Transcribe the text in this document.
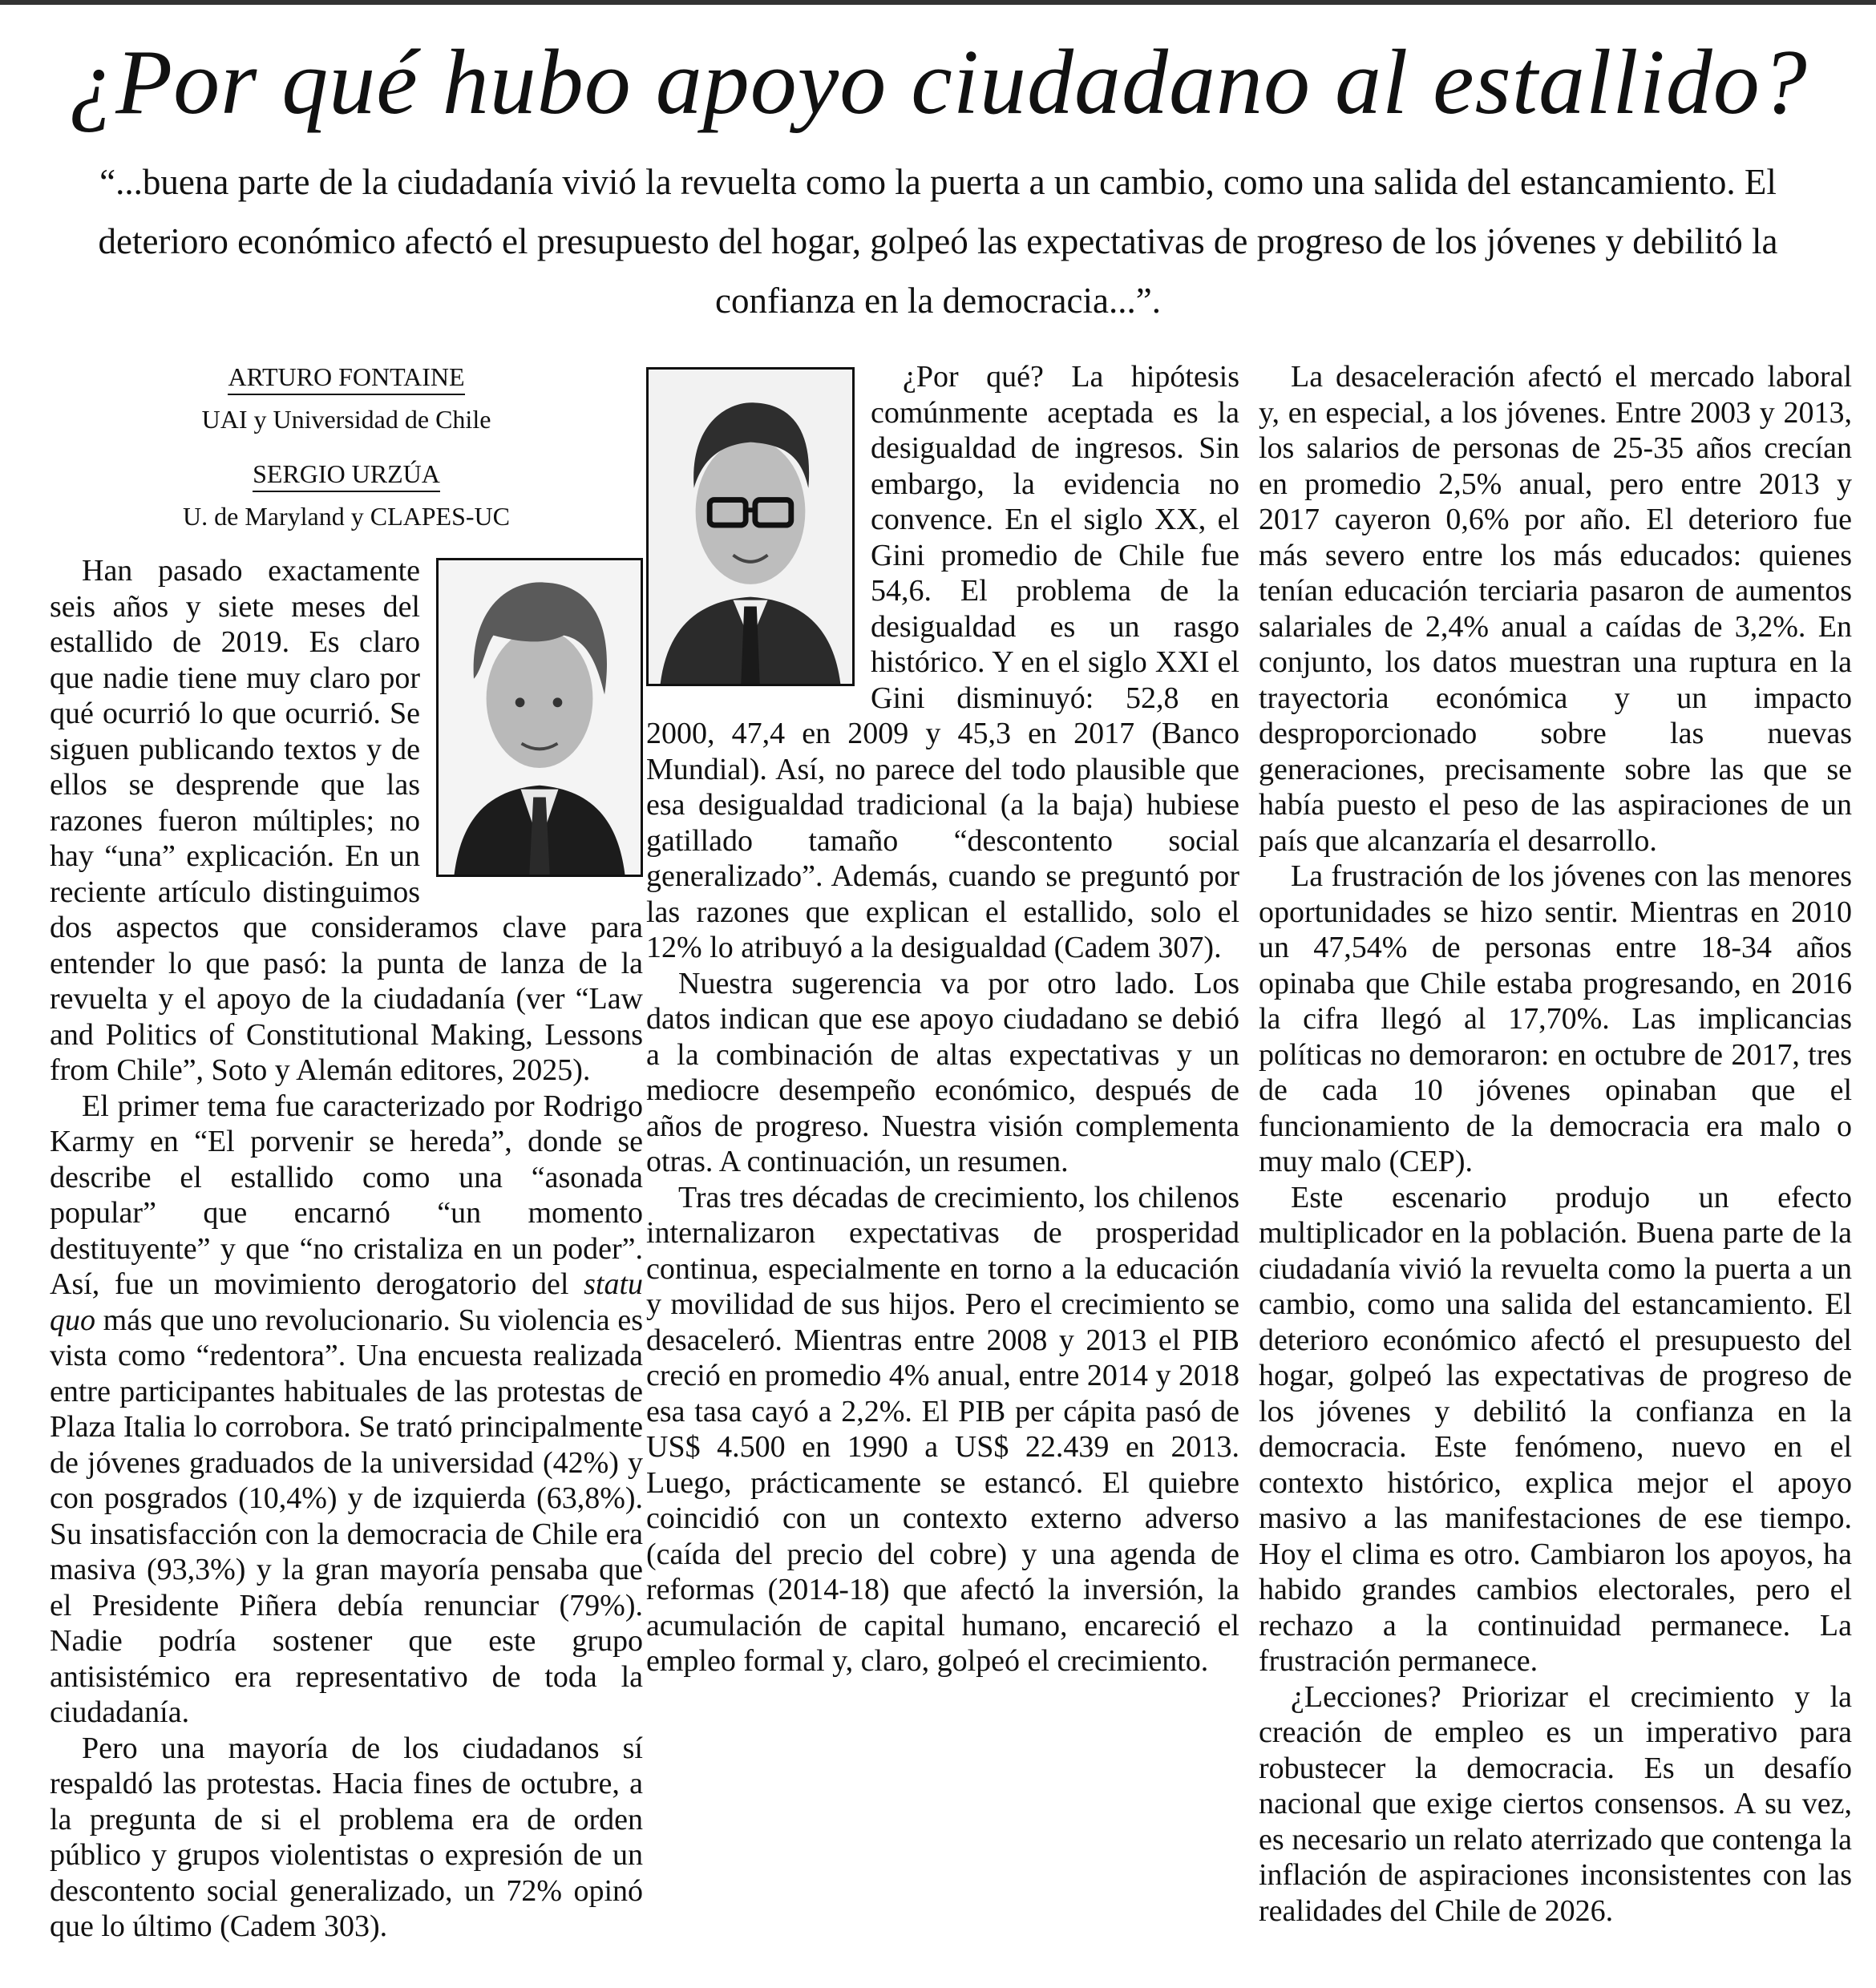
¿Por qué hubo apoyo ciudadano al estallido?

“...buena parte de la ciudadanía vivió la revuelta como la puerta a un cambio, como una salida del estancamiento. El deterioro económico afectó el presupuesto del hogar, golpeó las expectativas de progreso de los jóvenes y debilitó la confianza en la democracia...”.

ARTURO FONTAINE
UAI y Universidad de Chile
SERGIO URZÚA
U. de Maryland y CLAPES-UC

Han pasado exactamente seis años y siete meses del estallido de 2019. Es claro que nadie tiene muy claro por qué ocurrió lo que ocurrió. Se siguen publicando textos y de ellos se desprende que las razones fueron múltiples; no hay “una” explicación. En un reciente artículo distinguimos dos aspectos que consideramos clave para entender lo que pasó: la punta de lanza de la revuelta y el apoyo de la ciudadanía (ver “Law and Politics of Constitutional Making, Lessons from Chile”, Soto y Alemán editores, 2025).

El primer tema fue caracterizado por Rodrigo Karmy en “El porvenir se hereda”, donde se describe el estallido como una “asonada popular” que encarnó “un momento destituyente” y que “no cristaliza en un poder”. Así, fue un movimiento derogatorio del statu quo más que uno revolucionario. Su violencia es vista como “redentora”. Una encuesta realizada entre participantes habituales de las protestas de Plaza Italia lo corrobora. Se trató principalmente de jóvenes graduados de la universidad (42%) y con posgrados (10,4%) y de izquierda (63,8%). Su insatisfacción con la democracia de Chile era masiva (93,3%) y la gran mayoría pensaba que el Presidente Piñera debía renunciar (79%). Nadie podría sostener que este grupo antisistémico era representativo de toda la ciudadanía.

Pero una mayoría de los ciudadanos sí respaldó las protestas. Hacia fines de octubre, a la pregunta de si el problema era de orden público y grupos violentistas o expresión de un descontento social generalizado, un 72% opinó que lo último (Cadem 303).

¿Por qué? La hipótesis comúnmente aceptada es la desigualdad de ingresos. Sin embargo, la evidencia no convence. En el siglo XX, el Gini promedio de Chile fue 54,6. El problema de la desigualdad es un rasgo histórico. Y en el siglo XXI el Gini disminuyó: 52,8 en 2000, 47,4 en 2009 y 45,3 en 2017 (Banco Mundial). Así, no parece del todo plausible que esa desigualdad tradicional (a la baja) hubiese gatillado tamaño “descontento social generalizado”. Además, cuando se preguntó por las razones que explican el estallido, solo el 12% lo atribuyó a la desigualdad (Cadem 307).

Nuestra sugerencia va por otro lado. Los datos indican que ese apoyo ciudadano se debió a la combinación de altas expectativas y un mediocre desempeño económico, después de años de progreso. Nuestra visión complementa otras. A continuación, un resumen.

Tras tres décadas de crecimiento, los chilenos internalizaron expectativas de prosperidad continua, especialmente en torno a la educación y movilidad de sus hijos. Pero el crecimiento se desaceleró. Mientras entre 2008 y 2013 el PIB creció en promedio 4% anual, entre 2014 y 2018 esa tasa cayó a 2,2%. El PIB per cápita pasó de US$ 4.500 en 1990 a US$ 22.439 en 2013. Luego, prácticamente se estancó. El quiebre coincidió con un contexto externo adverso (caída del precio del cobre) y una agenda de reformas (2014-18) que afectó la inversión, la acumulación de capital humano, encareció el empleo formal y, claro, golpeó el crecimiento.

La desaceleración afectó el mercado laboral y, en especial, a los jóvenes. Entre 2003 y 2013, los salarios de personas de 25-35 años crecían en promedio 2,5% anual, pero entre 2013 y 2017 cayeron 0,6% por año. El deterioro fue más severo entre los más educados: quienes tenían educación terciaria pasaron de aumentos salariales de 2,4% anual a caídas de 3,2%. En conjunto, los datos muestran una ruptura en la trayectoria económica y un impacto desproporcionado sobre las nuevas generaciones, precisamente sobre las que se había puesto el peso de las aspiraciones de un país que alcanzaría el desarrollo.

La frustración de los jóvenes con las menores oportunidades se hizo sentir. Mientras en 2010 un 47,54% de personas entre 18-34 años opinaba que Chile estaba progresando, en 2016 la cifra llegó al 17,70%. Las implicancias políticas no demoraron: en octubre de 2017, tres de cada 10 jóvenes opinaban que el funcionamiento de la democracia era malo o muy malo (CEP).

Este escenario produjo un efecto multiplicador en la población. Buena parte de la ciudadanía vivió la revuelta como la puerta a un cambio, como una salida del estancamiento. El deterioro económico afectó el presupuesto del hogar, golpeó las expectativas de progreso de los jóvenes y debilitó la confianza en la democracia. Este fenómeno, nuevo en el contexto histórico, explica mejor el apoyo masivo a las manifestaciones de ese tiempo. Hoy el clima es otro. Cambiaron los apoyos, ha habido grandes cambios electorales, pero el rechazo a la continuidad permanece. La frustración permanece.

¿Lecciones? Priorizar el crecimiento y la creación de empleo es un imperativo para robustecer la democracia. Es un desafío nacional que exige ciertos consensos. A su vez, es necesario un relato aterrizado que contenga la inflación de aspiraciones inconsistentes con las realidades del Chile de 2026.
